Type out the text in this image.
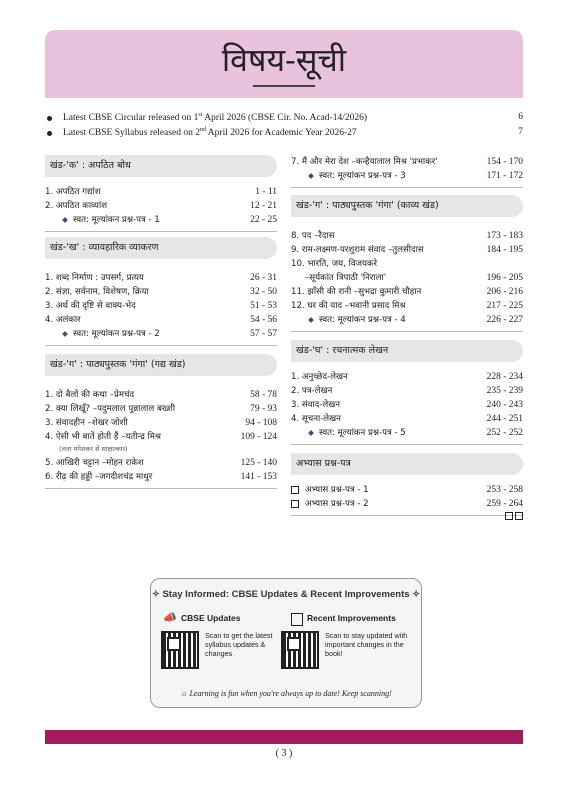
विषय-सूची
Latest CBSE Circular released on 1st April 2026 (CBSE Cir. No. Acad-14/2026)	6
Latest CBSE Syllabus released on 2nd April 2026 for Academic Year 2026-27	7
खंड-'क' : अपठित बोध
1. अपठित गद्यांश	1 - 11
2. अपठित काव्यांश	12 - 21
स्वत: मूल्यांकन प्रश्न-पत्र - 1	22 - 25
खंड-'ख' : व्यावहारिक व्याकरण
1. शब्द निर्माण : उपसर्ग, प्रत्यय	26 - 31
2. संज्ञा, सर्वनाम, विशेषण, क्रिया	32 - 50
3. अर्थ की दृष्टि से वाक्य-भेद	51 - 53
4. अलंकार	54 - 56
स्वत: मूल्यांकन प्रश्न-पत्र - 2	57 - 57
खंड-'ग' : पाठ्यपुस्तक 'गंगा' (गद्य खंड)
1. दो बैलों की कथा –प्रेमचंद	58 - 78
2. क्या लिखूँ? –पदुमलाल पुन्नालाल बख्शी	79 - 93
3. संवादहीन –शेखर जोशी	94 - 108
4. ऐसी भी बातें होती हैं –यतीन्द्र मिश्र	109 - 124
(लता मंगेशकर से साक्षात्कार)
5. आखिरी चट्टान –मोहन राकेश	125 - 140
6. रीढ़ की हड्डी –जगदीशचंद्र माथुर	141 - 153
7. मैं और मेरा देश –कन्हैयालाल मिश्र 'प्रभाकर'	154 - 170
स्वत: मूल्यांकन प्रश्न-पत्र - 3	171 - 172
खंड-'ग' : पाठ्यपुस्तक 'गंगा' (काव्य खंड)
8. पद –रैदास	173 - 183
9. राम-लक्ष्मण-परशुराम संवाद –तुलसीदास	184 - 195
10. भारति, जय, विजयकरे
–सूर्यकांत त्रिपाठी 'निराला'	196 - 205
11. झाँसी की रानी –सुभद्रा कुमारी चौहान	206 - 216
12. घर की याद –भवानी प्रसाद मिश्र	217 - 225
स्वत: मूल्यांकन प्रश्न-पत्र - 4	226 - 227
खंड-'घ' : रचनात्मक लेखन
1. अनुच्छेद-लेखन	228 - 234
2. पत्र-लेखन	235 - 239
3. संवाद-लेखन	240 - 243
4. सूचना-लेखन	244 - 251
स्वत: मूल्यांकन प्रश्न-पत्र - 5	252 - 252
अभ्यास प्रश्न-पत्र
अभ्यास प्रश्न-पत्र - 1	253 - 258
अभ्यास प्रश्न-पत्र - 2	259 - 264
✧ Stay Informed: CBSE Updates & Recent Improvements ✧
📣 CBSE Updates
Scan to get the latest syllabus updates & changes
Recent Improvements
Scan to stay updated with important changes in the book!
☼ Learning is fun when you're always up to date! Keep scanning!
( 3 )
